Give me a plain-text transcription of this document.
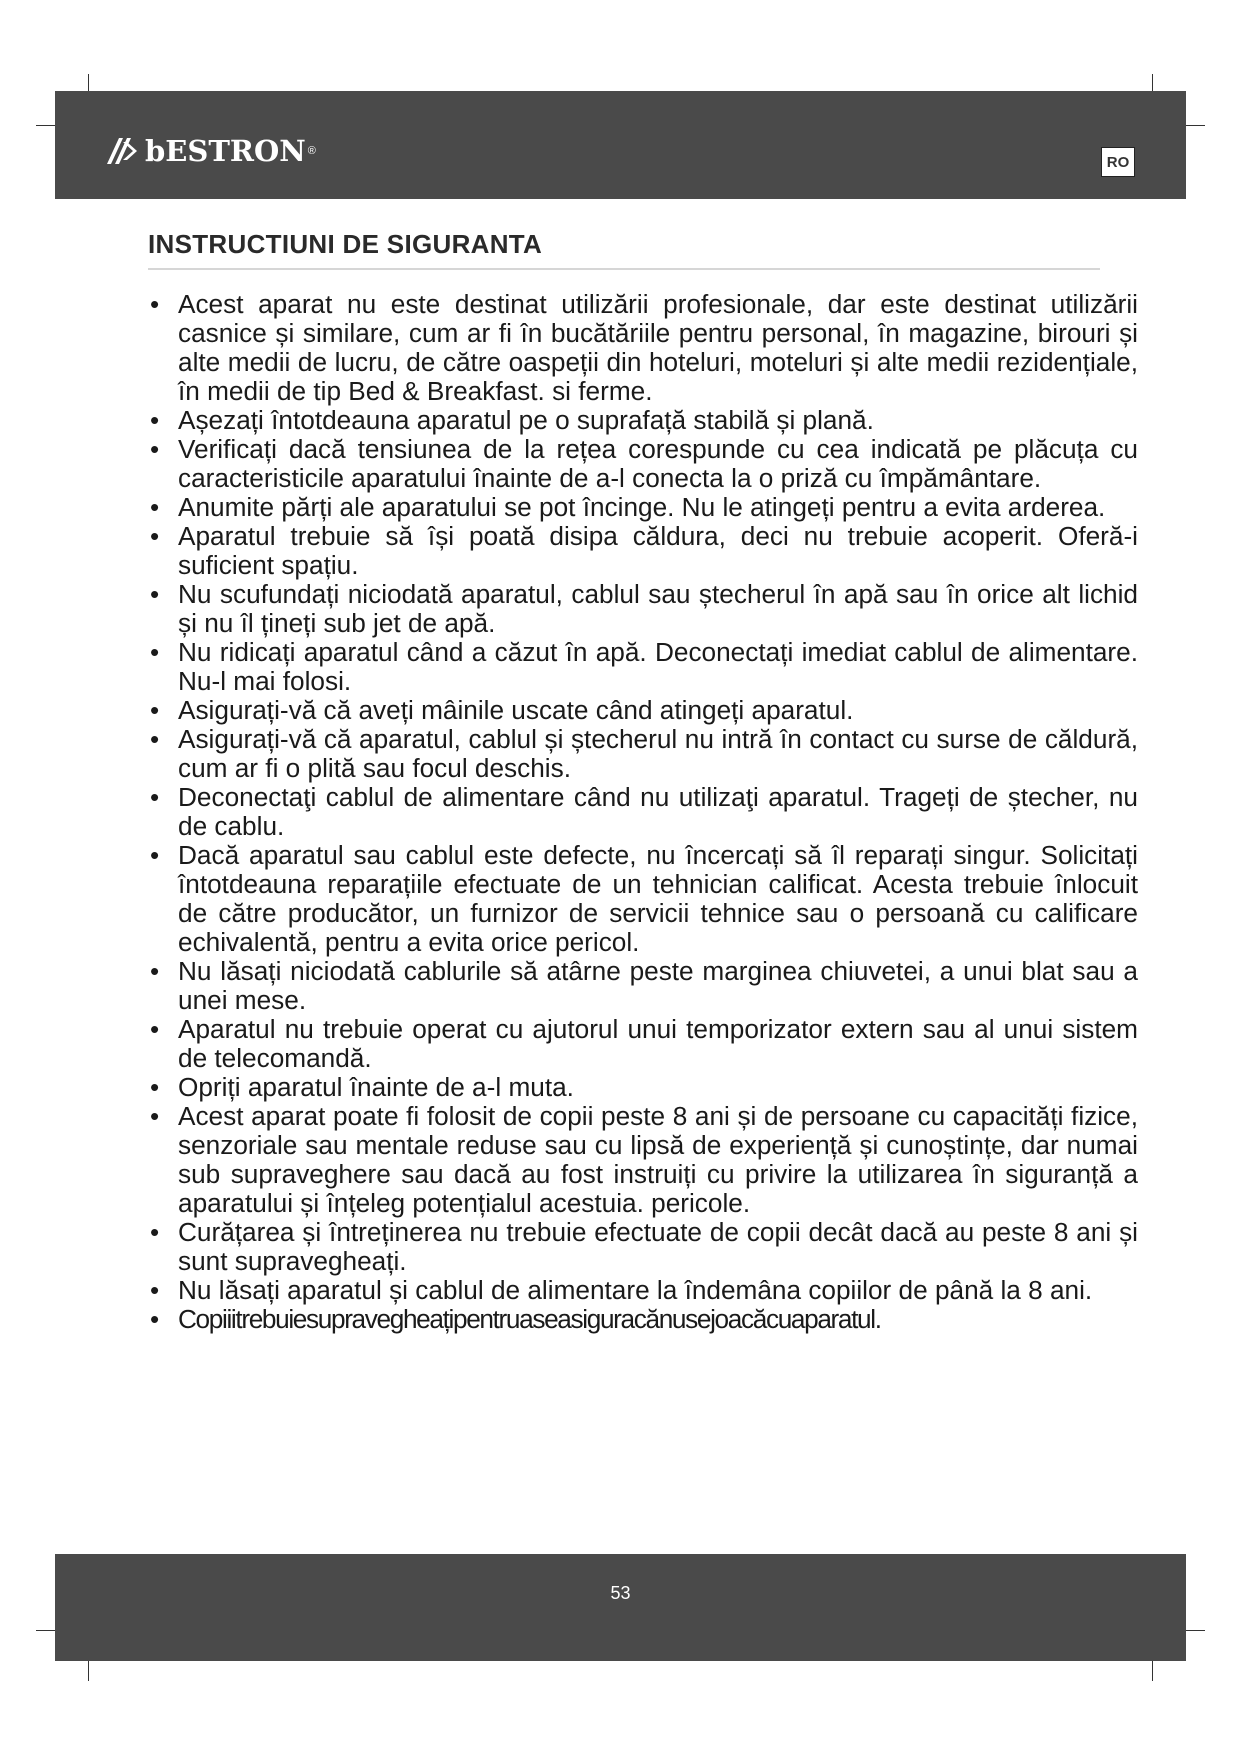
bESTRON ®
RO
INSTRUCTIUNI DE SIGURANTA
• Acest aparat nu este destinat utilizării profesionale, dar este destinat utilizării casnice și similare, cum ar fi în bucătăriile pentru personal, în magazine, birouri și alte medii de lucru, de către oaspeții din hoteluri, moteluri și alte medii rezidențiale, în medii de tip Bed & Breakfast. si ferme.
• Așezați întotdeauna aparatul pe o suprafață stabilă și plană.
• Verificați dacă tensiunea de la rețea corespunde cu cea indicată pe plăcuța cu caracteristicile aparatului înainte de a-l conecta la o priză cu împământare.
• Anumite părți ale aparatului se pot încinge. Nu le atingeți pentru a evita arderea.
• Aparatul trebuie să își poată disipa căldura, deci nu trebuie acoperit. Oferă-i suficient spațiu.
• Nu scufundați niciodată aparatul, cablul sau ștecherul în apă sau în orice alt lichid și nu îl țineți sub jet de apă.
• Nu ridicați aparatul când a căzut în apă. Deconectați imediat cablul de alimentare. Nu-l mai folosi.
• Asigurați-vă că aveți mâinile uscate când atingeți aparatul.
• Asigurați-vă că aparatul, cablul și ștecherul nu intră în contact cu surse de căldură, cum ar fi o plită sau focul deschis.
• Deconectaţi cablul de alimentare când nu utilizaţi aparatul. Trageți de ștecher, nu de cablu.
• Dacă aparatul sau cablul este defecte, nu încercați să îl reparați singur. Solicitați întotdeauna reparațiile efectuate de un tehnician calificat. Acesta trebuie înlocuit de către producător, un furnizor de servicii tehnice sau o persoană cu calificare echivalentă, pentru a evita orice pericol.
• Nu lăsați niciodată cablurile să atârne peste marginea chiuvetei, a unui blat sau a unei mese.
• Aparatul nu trebuie operat cu ajutorul unui temporizator extern sau al unui sistem de telecomandă.
• Opriți aparatul înainte de a-l muta.
• Acest aparat poate fi folosit de copii peste 8 ani și de persoane cu capacități fizice, senzoriale sau mentale reduse sau cu lipsă de experiență și cunoștințe, dar numai sub supraveghere sau dacă au fost instruiți cu privire la utilizarea în siguranță a aparatului și înțeleg potențialul acestuia. pericole.
• Curățarea și întreținerea nu trebuie efectuate de copii decât dacă au peste 8 ani și sunt supravegheați.
• Nu lăsați aparatul și cablul de alimentare la îndemâna copiilor de până la 8 ani.
• Copiiitrebuiesupravegheațipentruaseasiguracănusejoacăcuaparatul.
53
